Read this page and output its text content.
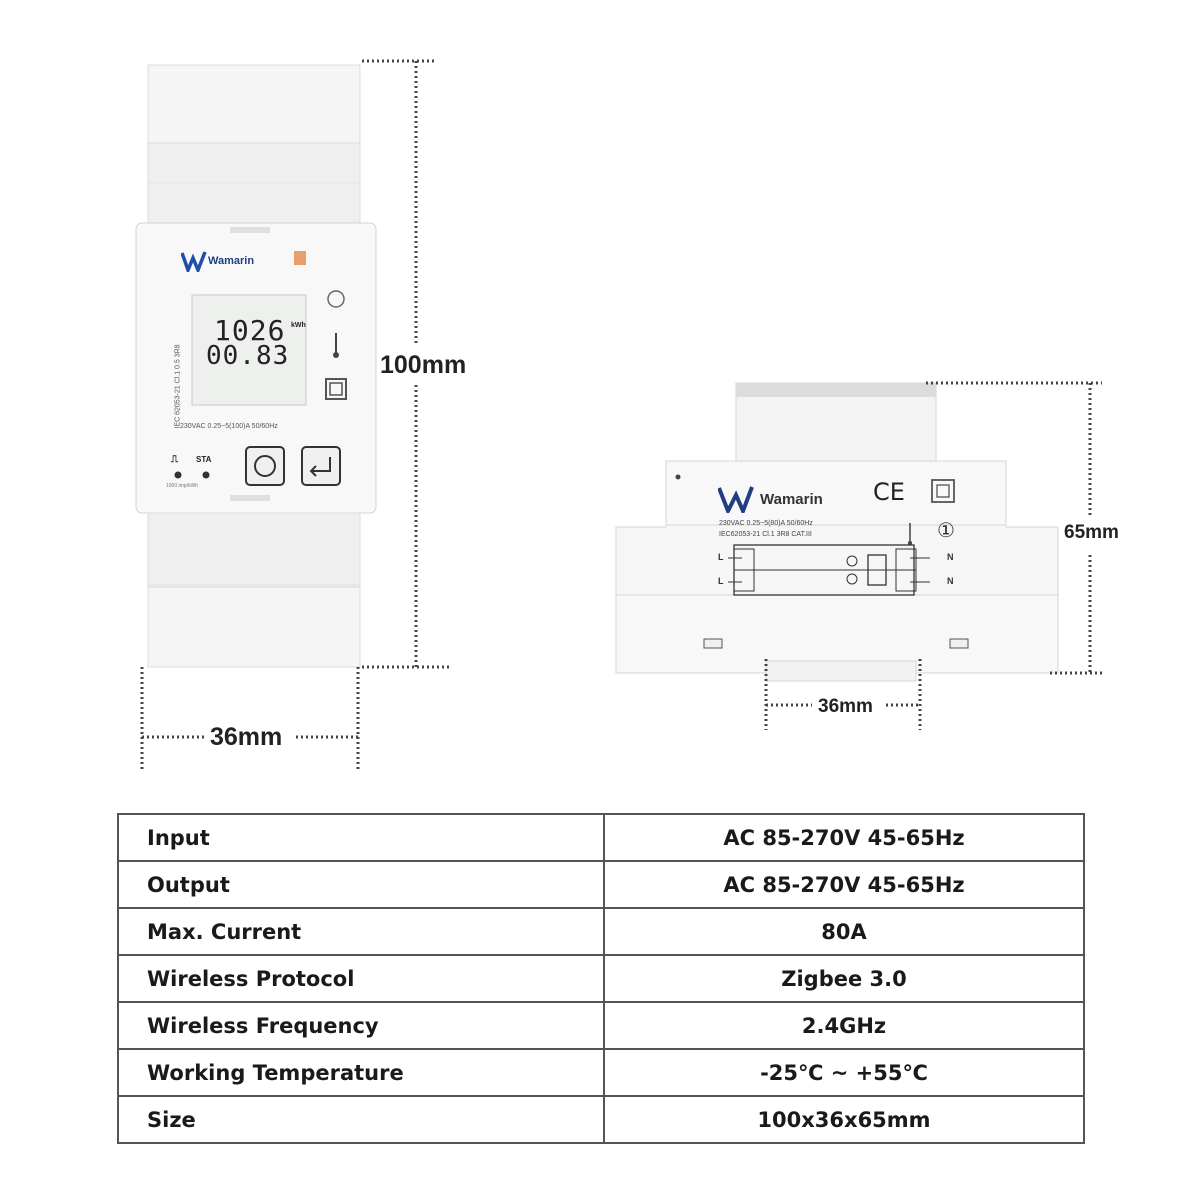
Wamarin
1026
00.83
kWh
IEC 62053-21 Cl.1 0.5 3R8
230VAC 0.25~5(100)A 50/60Hz
⎍ STA
1000 imp/kWh
100mm
36mm
Wamarin CE
①
230VAC 0.25~5(80)A 50/60Hz
IEC62053-21 Cl.1 3R8 CAT.III
L
L
N
N
65mm
36mm
Input	AC 85-270V 45-65Hz
Output	AC 85-270V 45-65Hz
Max. Current	80A
Wireless Protocol	Zigbee 3.0
Wireless Frequency	2.4GHz
Working Temperature	-25℃ ~ +55℃
Size	100x36x65mm
